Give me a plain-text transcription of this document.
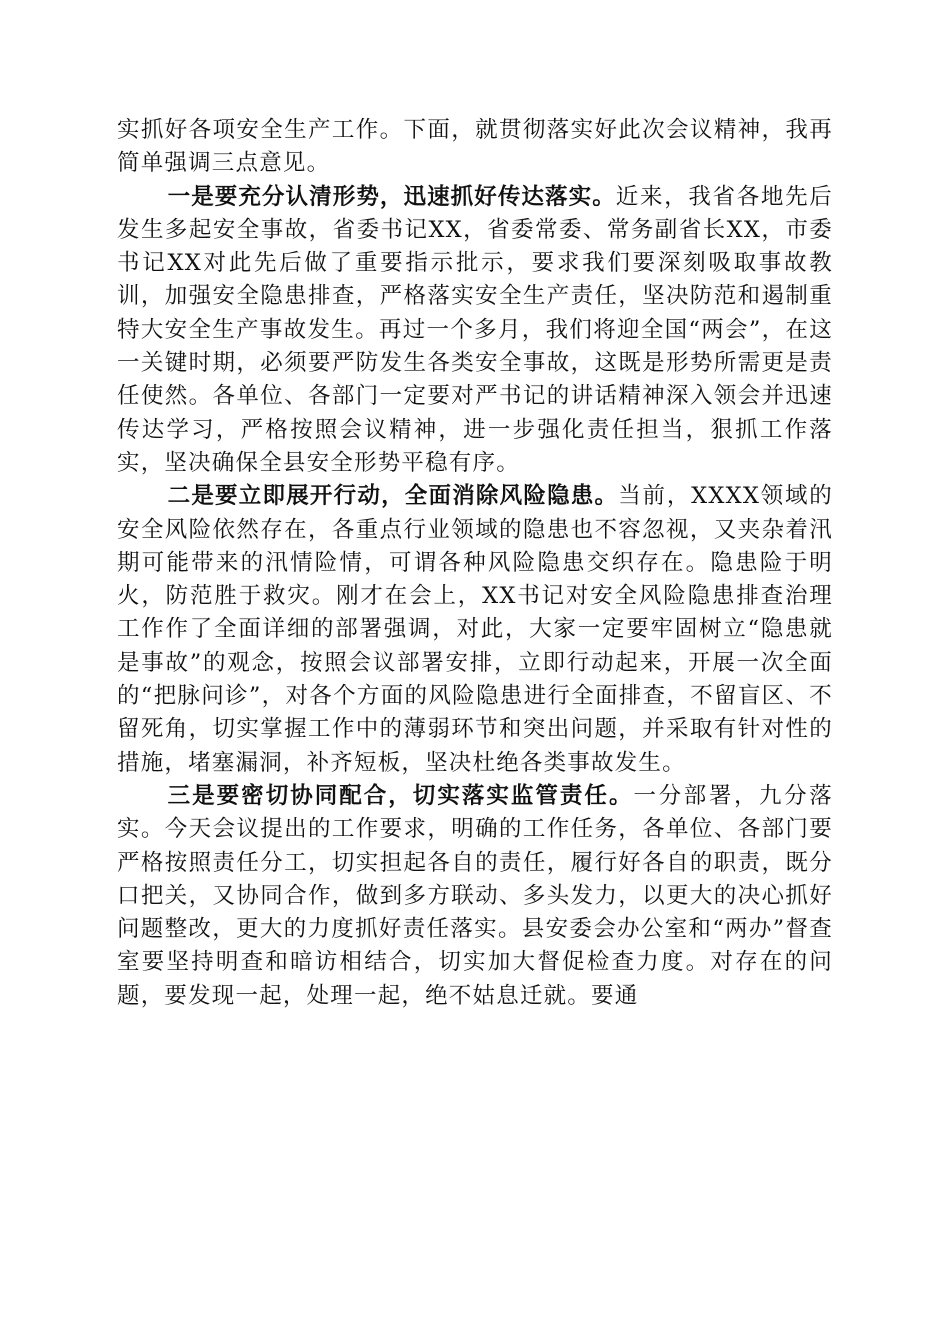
实抓好各项安全生产工作。下面，就贯彻落实好此次会议精神，我再简单强调三点意见。

一是要充分认清形势，迅速抓好传达落实。近来，我省各地先后发生多起安全事故，省委书记XX，省委常委、常务副省长XX，市委书记XX对此先后做了重要指示批示，要求我们要深刻吸取事故教训，加强安全隐患排查，严格落实安全生产责任，坚决防范和遏制重特大安全生产事故发生。再过一个多月，我们将迎全国“两会”，在这一关键时期，必须要严防发生各类安全事故，这既是形势所需更是责任使然。各单位、各部门一定要对严书记的讲话精神深入领会并迅速传达学习，严格按照会议精神，进一步强化责任担当，狠抓工作落实，坚决确保全县安全形势平稳有序。

二是要立即展开行动，全面消除风险隐患。当前，XXXX领域的安全风险依然存在，各重点行业领域的隐患也不容忽视，又夹杂着汛期可能带来的汛情险情，可谓各种风险隐患交织存在。隐患险于明火，防范胜于救灾。刚才在会上，XX书记对安全风险隐患排查治理工作作了全面详细的部署强调，对此，大家一定要牢固树立“隐患就是事故”的观念，按照会议部署安排，立即行动起来，开展一次全面的“把脉问诊”，对各个方面的风险隐患进行全面排查，不留盲区、不留死角，切实掌握工作中的薄弱环节和突出问题，并采取有针对性的措施，堵塞漏洞，补齐短板，坚决杜绝各类事故发生。

三是要密切协同配合，切实落实监管责任。一分部署，九分落实。今天会议提出的工作要求，明确的工作任务，各单位、各部门要严格按照责任分工，切实担起各自的责任，履行好各自的职责，既分口把关，又协同合作，做到多方联动、多头发力，以更大的决心抓好问题整改，更大的力度抓好责任落实。县安委会办公室和“两办”督查室要坚持明查和暗访相结合，切实加大督促检查力度。对存在的问题，要发现一起，处理一起，绝不姑息迁就。要通
